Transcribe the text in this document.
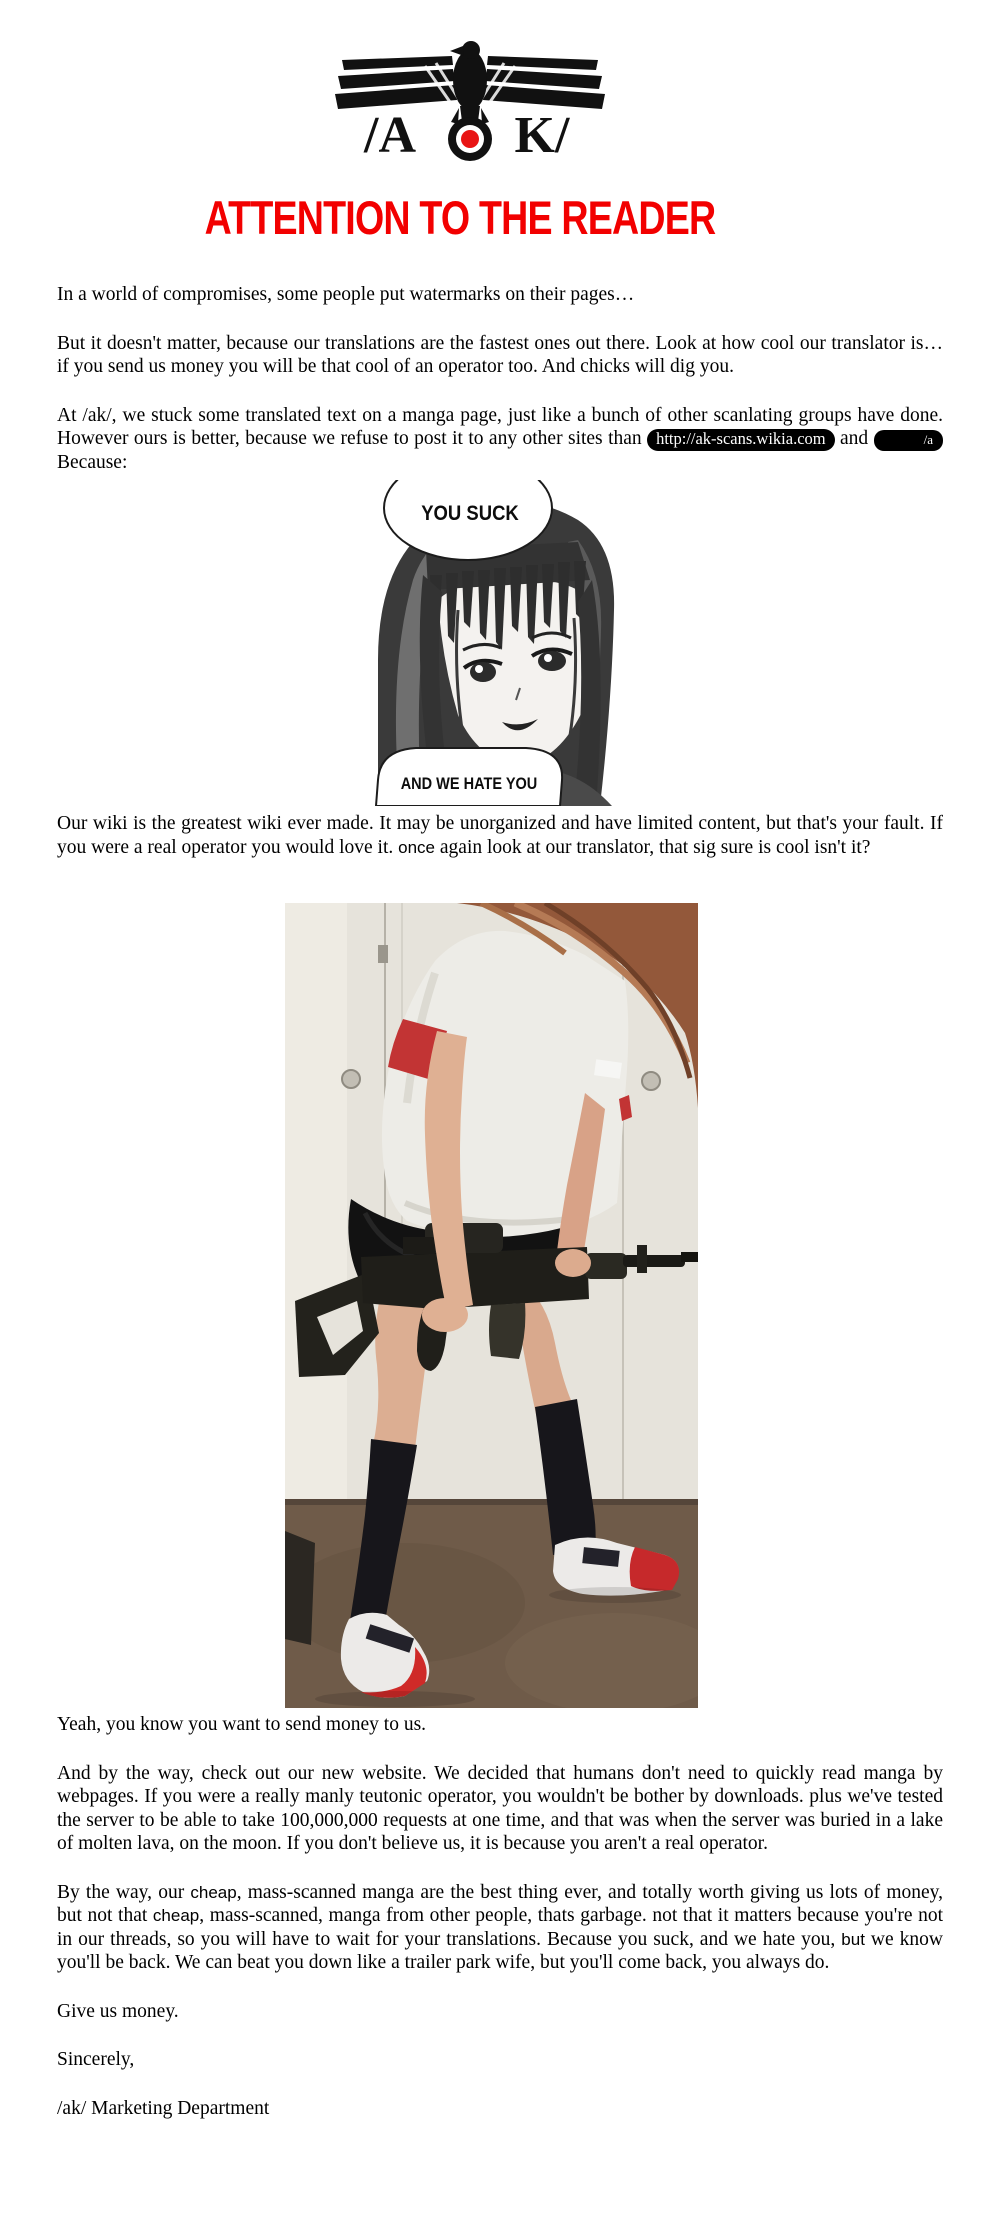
/A K/
ATTENTION TO THE READER

In a world of compromises, some people put watermarks on their pages…

But it doesn't matter, because our translations are the fastest ones out there. Look at how cool our translator is… if you send us money you will be that cool of an operator too. And chicks will dig you.

At /ak/, we stuck some translated text on a manga page, just like a bunch of other scanlating groups have done. However ours is better, because we refuse to post it to any other sites than http://ak-scans.wikia.com and	/a Because:

YOU SUCK
AND WE HATE YOU

Our wiki is the greatest wiki ever made. It may be unorganized and have limited content, but that's your fault. If you were a real operator you would love it. once again look at our translator, that sig sure is cool isn't it?

Yeah, you know you want to send money to us.

And by the way, check out our new website. We decided that humans don't need to quickly read manga by webpages. If you were a really manly teutonic operator, you wouldn't be bother by downloads. plus we've tested the server to be able to take 100,000,000 requests at one time, and that was when the server was buried in a lake of molten lava, on the moon. If you don't believe us, it is because you aren't a real operator.

By the way, our cheap, mass-scanned manga are the best thing ever, and totally worth giving us lots of money, but not that cheap, mass-scanned, manga from other people, thats garbage. not that it matters because you're not in our threads, so you will have to wait for your translations. Because you suck, and we hate you, but we know you'll be back. We can beat you down like a trailer park wife, but you'll come back, you always do.

Give us money.

Sincerely,

/ak/ Marketing Department
